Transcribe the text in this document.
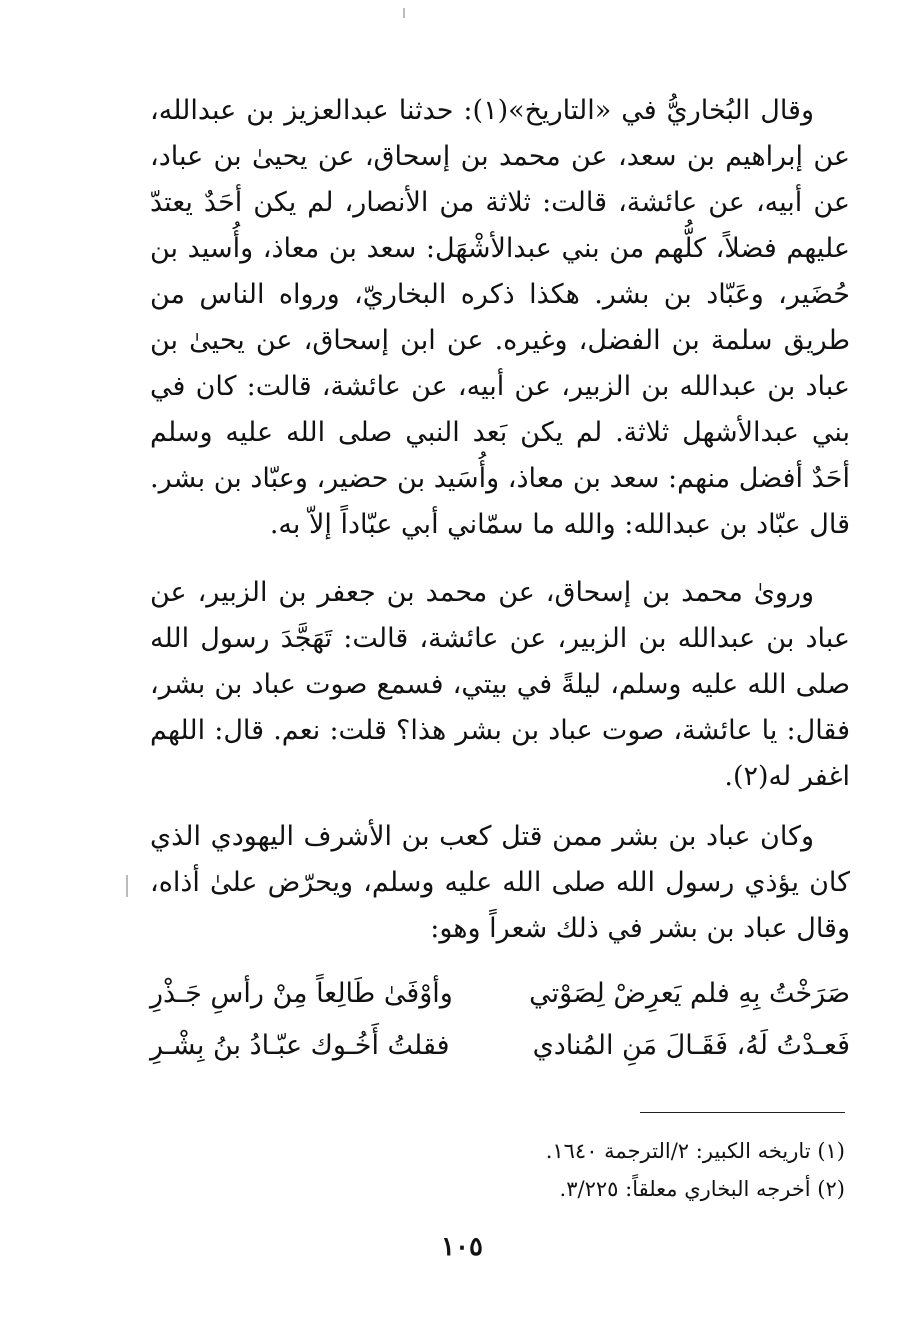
وقال البُخاريُّ في «التاريخ»(١): حدثنا عبدالعزيز بن عبدالله، عن إبراهيم بن سعد، عن محمد بن إسحاق، عن يحيىٰ بن عباد، عن أبيه، عن عائشة، قالت: ثلاثة من الأنصار، لم يكن أحَدٌ يعتدّ عليهم فضلاً، كلُّهم من بني عبدالأشْهَل: سعد بن معاذ، وأُسيد بن حُضَير، وعَبّاد بن بشر. هكذا ذكره البخاريّ، ورواه الناس من طريق سلمة بن الفضل، وغيره. عن ابن إسحاق، عن يحيىٰ بن عباد بن عبدالله بن الزبير، عن أبيه، عن عائشة، قالت: كان في بني عبدالأشهل ثلاثة. لم يكن بَعد النبي صلى الله عليه وسلم أحَدٌ أفضل منهم: سعد بن معاذ، وأُسَيد بن حضير، وعبّاد بن بشر. قال عبّاد بن عبدالله: والله ما سمّاني أبي عبّاداً إلاّ به.

وروىٰ محمد بن إسحاق، عن محمد بن جعفر بن الزبير، عن عباد بن عبدالله بن الزبير، عن عائشة، قالت: تَهَجَّدَ رسول الله صلى الله عليه وسلم، ليلةً في بيتي، فسمع صوت عباد بن بشر، فقال: يا عائشة، صوت عباد بن بشر هذا؟ قلت: نعم. قال: اللهم اغفر له(٢).

وكان عباد بن بشر ممن قتل كعب بن الأشرف اليهودي الذي كان يؤذي رسول الله صلى الله عليه وسلم، ويحرّض علىٰ أذاه، وقال عباد بن بشر في ذلك شعراً وهو:

صَرَخْتُ بِهِ فلم يَعرِضْ لِصَوْتي
وأوْفَىٰ طَالِعاً مِنْ رأسِ جَـذْرِ
فَعـدْتُ لَهُ، فَقَـالَ مَنِ المُنادي
فقلتُ أَخُـوك عبّـادُ بنُ بِشْـرِ
(١) تاريخه الكبير: ٢/الترجمة ١٦٤٠.
(٢) أخرجه البخاري معلقاً: ٣/٢٢٥.
١٠٥
